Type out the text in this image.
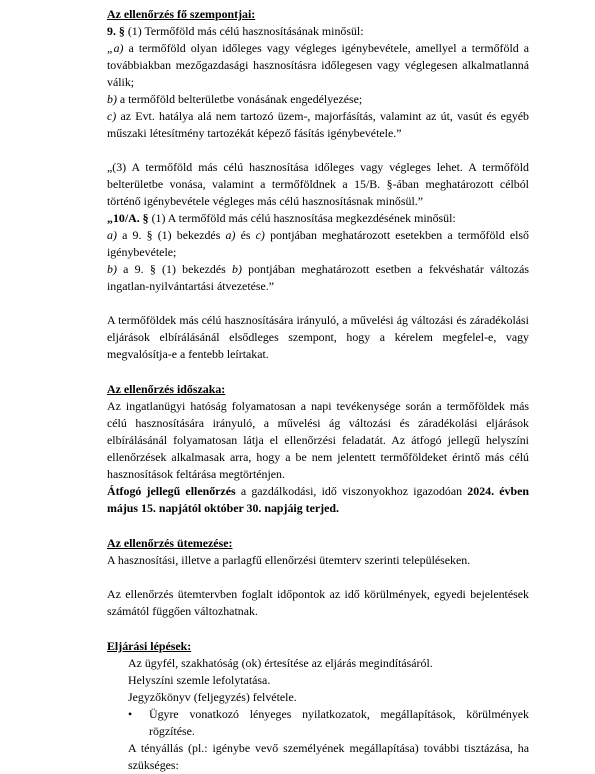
Az ellenőrzés fő szempontjai:

9. § (1) Termőföld más célú hasznosításának minősül:

„a) a termőföld olyan időleges vagy végleges igénybevétele, amellyel a termőföld a továbbiakban mezőgazdasági hasznosításra időlegesen vagy véglegesen alkalmatlanná válik;

b) a termőföld belterületbe vonásának engedélyezése;

c) az Evt. hatálya alá nem tartozó üzem-, majorfásítás, valamint az út, vasút és egyéb műszaki létesítmény tartozékát képező fásítás igénybevétele.”

„(3) A termőföld más célú hasznosítása időleges vagy végleges lehet. A termőföld belterületbe vonása, valamint a termőföldnek a 15/B. §-ában meghatározott célból történő igénybevétele végleges más célú hasznosításnak minősül.”

„10/A. § (1) A termőföld más célú hasznosítása megkezdésének minősül:

a) a 9. § (1) bekezdés a) és c) pontjában meghatározott esetekben a termőföld első igénybevétele;

b) a 9. § (1) bekezdés b) pontjában meghatározott esetben a fekvéshatár változás ingatlan-nyilvántartási átvezetése.”

A termőföldek más célú hasznosítására irányuló, a művelési ág változási és záradékolási eljárások elbírálásánál elsődleges szempont, hogy a kérelem megfelel-e, vagy megvalósítja-e a fentebb leírtakat.

Az ellenőrzés időszaka:

Az ingatlanügyi hatóság folyamatosan a napi tevékenysége során a termőföldek más célú hasznosítására irányuló, a művelési ág változási és záradékolási eljárások elbírálásánál folyamatosan látja el ellenőrzési feladatát. Az átfogó jellegű helyszíni ellenőrzések alkalmasak arra, hogy a be nem jelentett termőföldeket érintő más célú hasznosítások feltárása megtörténjen.

Átfogó jellegű ellenőrzés a gazdálkodási, idő viszonyokhoz igazodóan 2024. évben május 15. napjától október 30. napjáig terjed.

Az ellenőrzés ütemezése:

A hasznosítási, illetve a parlagfű ellenőrzési ütemterv szerinti településeken.

Az ellenőrzés ütemtervben foglalt időpontok az idő körülmények, egyedi bejelentések számától függően változhatnak.

Eljárási lépések:

Az ügyfél, szakhatóság (ok) értesítése az eljárás megindításáról.

Helyszíni szemle lefolytatása.

Jegyzőkönyv (feljegyzés) felvétele.

•	Ügyre vonatkozó lényeges nyilatkozatok, megállapítások, körülmények rögzítése.

A tényállás (pl.: igénybe vevő személyének megállapítása) további tisztázása, ha szükséges:
